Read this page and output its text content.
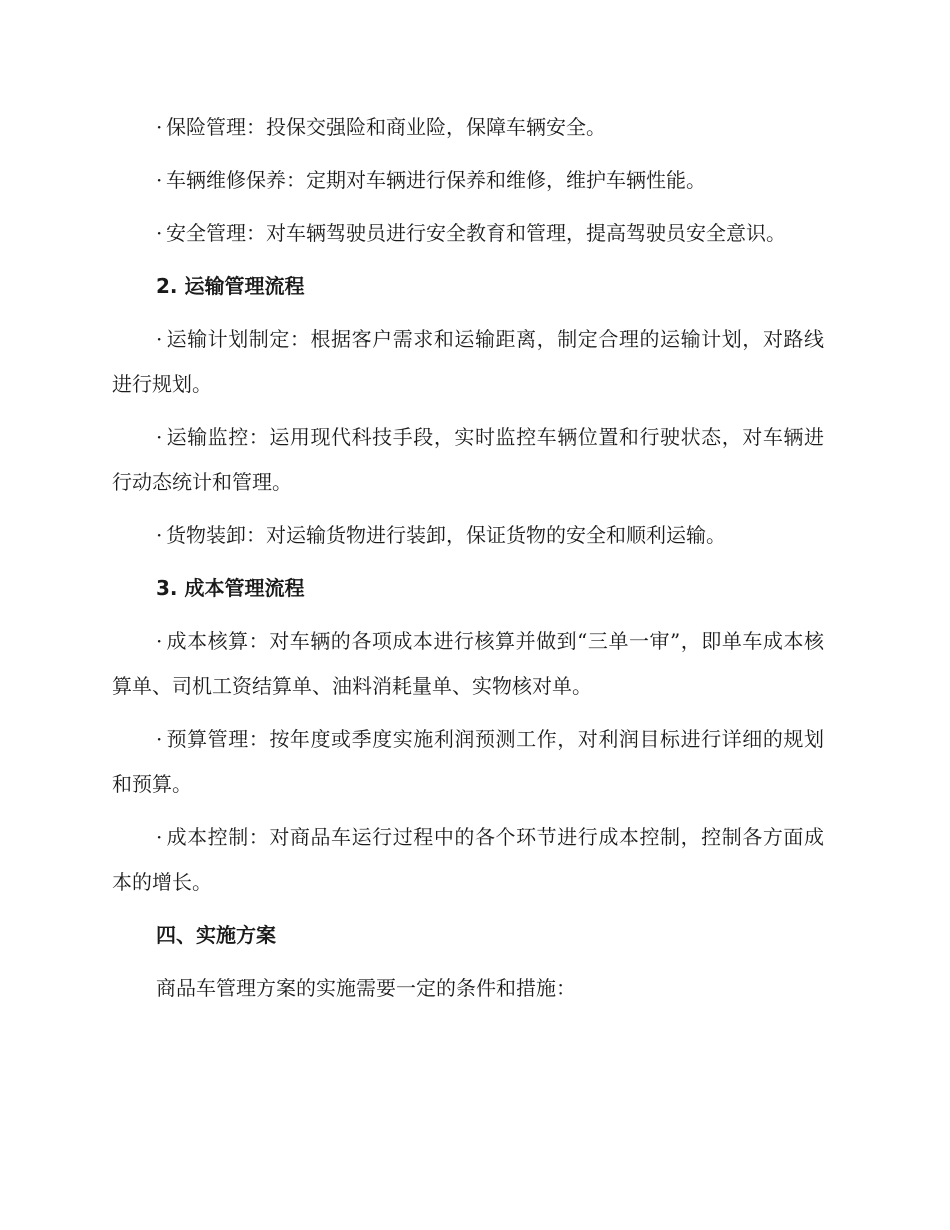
· 保险管理：投保交强险和商业险，保障车辆安全。

· 车辆维修保养：定期对车辆进行保养和维修，维护车辆性能。

· 安全管理：对车辆驾驶员进行安全教育和管理，提高驾驶员安全意识。

2. 运输管理流程

· 运输计划制定：根据客户需求和运输距离，制定合理的运输计划，对路线进行规划。

· 运输监控：运用现代科技手段，实时监控车辆位置和行驶状态，对车辆进行动态统计和管理。

· 货物装卸：对运输货物进行装卸，保证货物的安全和顺利运输。

3. 成本管理流程

· 成本核算：对车辆的各项成本进行核算并做到“三单一审”，即单车成本核算单、司机工资结算单、油料消耗量单、实物核对单。

· 预算管理：按年度或季度实施利润预测工作，对利润目标进行详细的规划和预算。

· 成本控制：对商品车运行过程中的各个环节进行成本控制，控制各方面成本的增长。

四、实施方案

商品车管理方案的实施需要一定的条件和措施：
